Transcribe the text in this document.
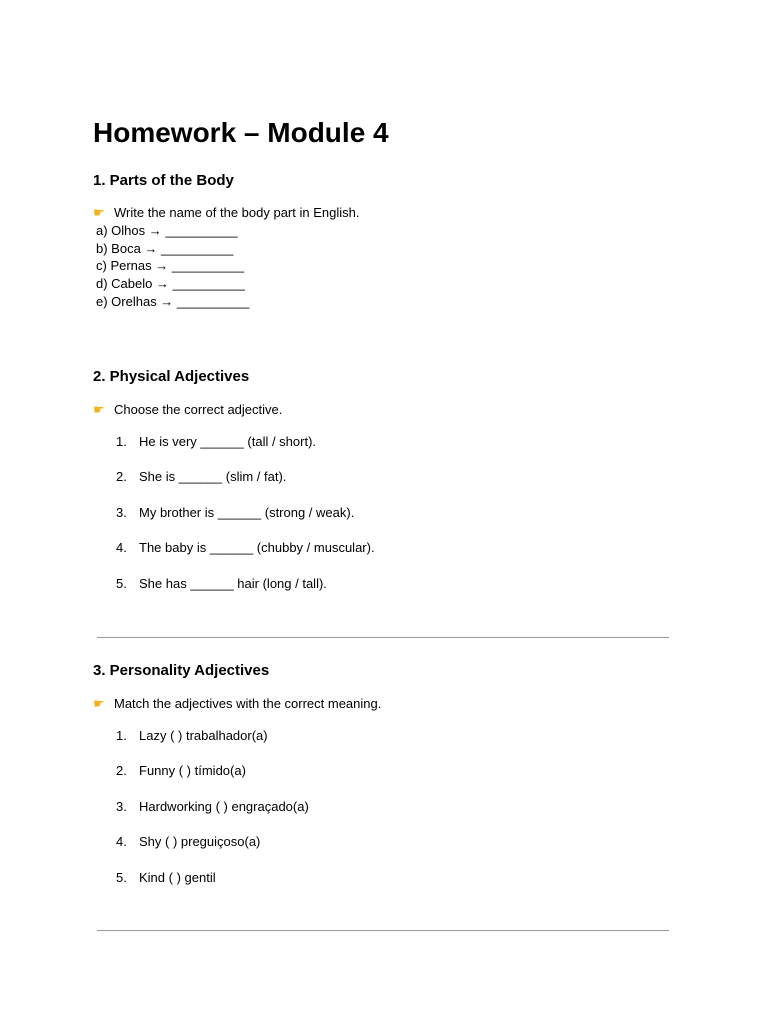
Homework – Module 4
1. Parts of the Body
☛ Write the name of the body part in English.
a) Olhos → __________
b) Boca → __________
c) Pernas → __________
d) Cabelo → __________
e) Orelhas → __________
2. Physical Adjectives
☛ Choose the correct adjective.
1. He is very ______ (tall / short).
2. She is ______ (slim / fat).
3. My brother is ______ (strong / weak).
4. The baby is ______ (chubby / muscular).
5. She has ______ hair (long / tall).
3. Personality Adjectives
☛ Match the adjectives with the correct meaning.
1. Lazy ( ) trabalhador(a)
2. Funny ( ) tímido(a)
3. Hardworking ( ) engraçado(a)
4. Shy ( ) preguiçoso(a)
5. Kind ( ) gentil
